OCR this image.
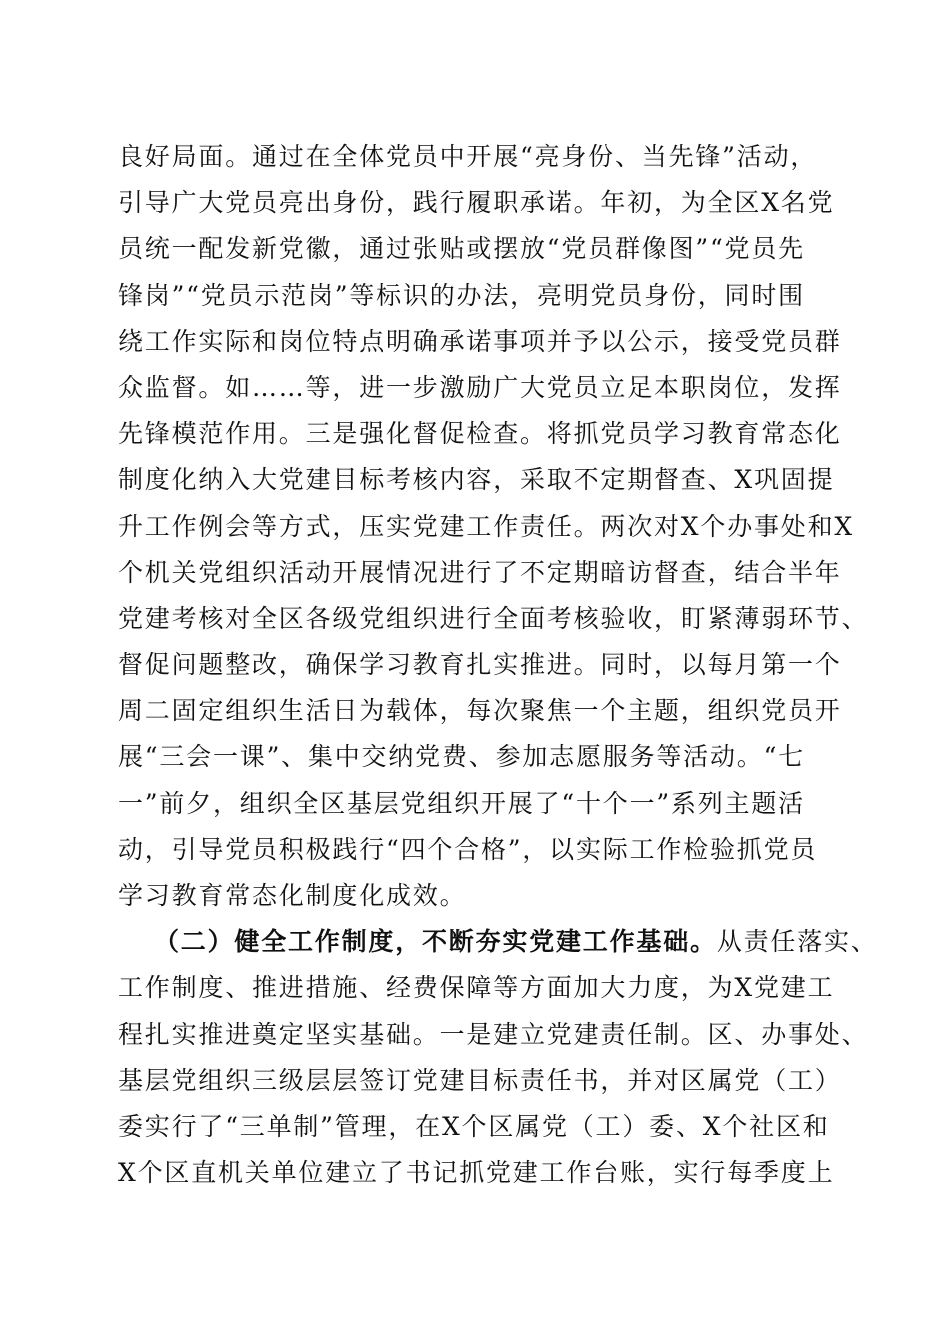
良好局面。通过在全体党员中开展“亮身份、当先锋”活动，
引导广大党员亮出身份，践行履职承诺。年初，为全区X名党
员统一配发新党徽，通过张贴或摆放“党员群像图”“党员先
锋岗”“党员示范岗”等标识的办法，亮明党员身份，同时围
绕工作实际和岗位特点明确承诺事项并予以公示，接受党员群
众监督。如……等，进一步激励广大党员立足本职岗位，发挥
先锋模范作用。三是强化督促检查。将抓党员学习教育常态化
制度化纳入大党建目标考核内容，采取不定期督查、X巩固提
升工作例会等方式，压实党建工作责任。两次对X个办事处和X
个机关党组织活动开展情况进行了不定期暗访督查，结合半年
党建考核对全区各级党组织进行全面考核验收，盯紧薄弱环节、
督促问题整改，确保学习教育扎实推进。同时，以每月第一个
周二固定组织生活日为载体，每次聚焦一个主题，组织党员开
展“三会一课”、集中交纳党费、参加志愿服务等活动。“七
一”前夕，组织全区基层党组织开展了“十个一”系列主题活
动，引导党员积极践行“四个合格”，以实际工作检验抓党员
学习教育常态化制度化成效。
（二）健全工作制度，不断夯实党建工作基础。从责任落实、
工作制度、推进措施、经费保障等方面加大力度，为X党建工
程扎实推进奠定坚实基础。一是建立党建责任制。区、办事处、
基层党组织三级层层签订党建目标责任书，并对区属党（工）
委实行了“三单制”管理，在X个区属党（工）委、X个社区和
X个区直机关单位建立了书记抓党建工作台账，实行每季度上
